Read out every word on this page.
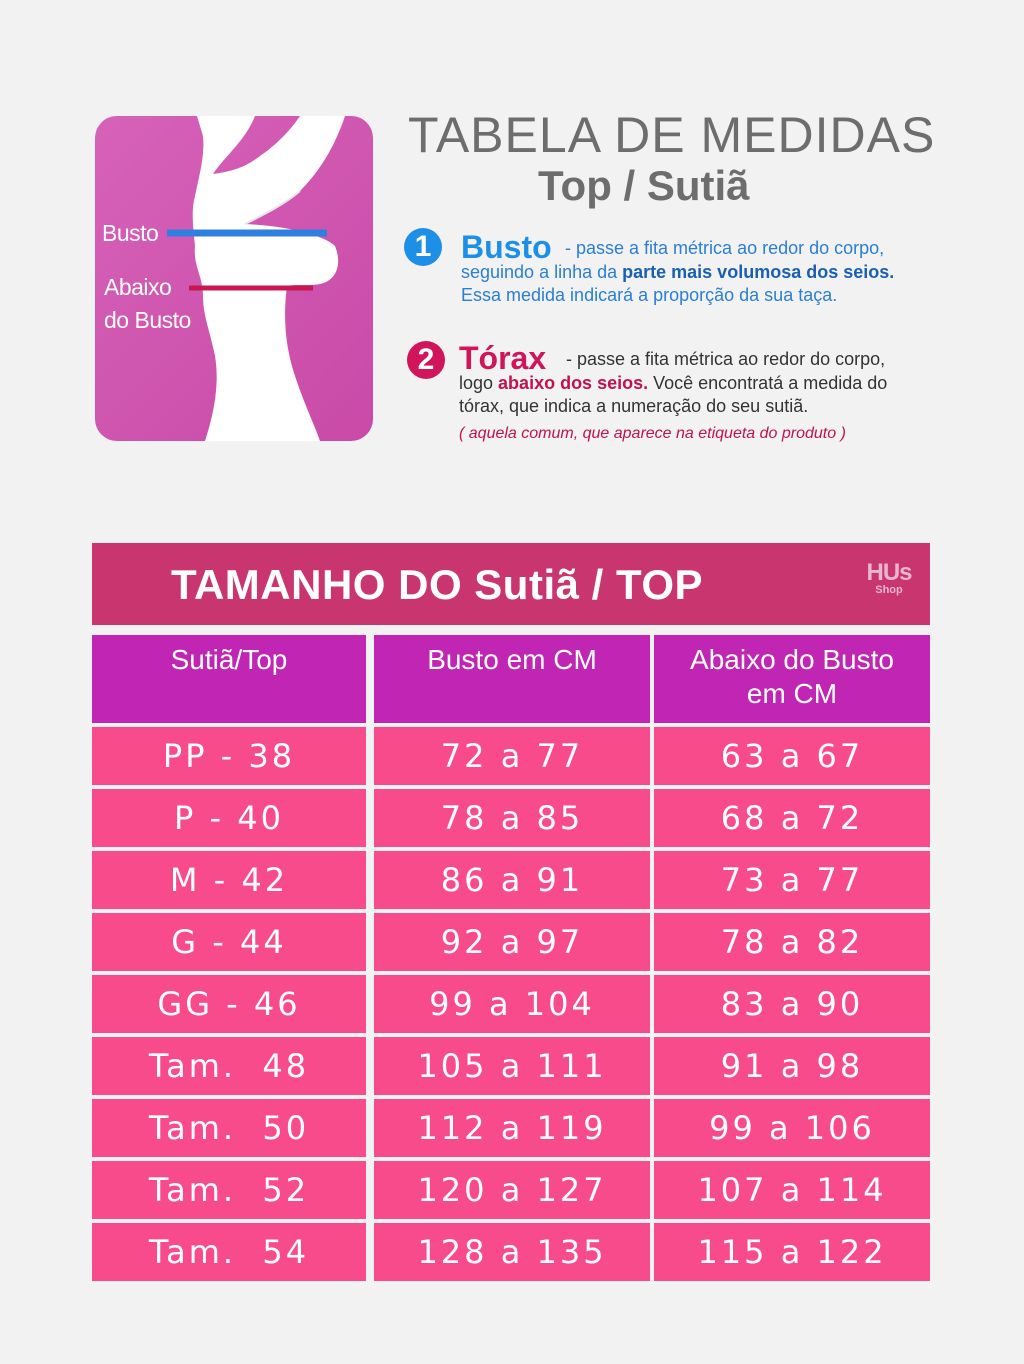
Busto
Abaixo
do Busto
TABELA DE MEDIDAS
Top / Sutiã
1 Busto - passe a fita métrica ao redor do corpo,
seguindo a linha da parte mais volumosa dos seios.
Essa medida indicará a proporção da sua taça.
2 Tórax	- passe a fita métrica ao redor do corpo,
logo abaixo dos seios. Você encontratá a medida do
tórax, que indica a numeração do seu sutiã.
( aquela comum, que aparece na etiqueta do produto )
TAMANHO DO Sutiã / TOP	HUs
Shop
Sutiã/Top	Busto em CM	Abaixo do Busto em CM
PP - 38	72 a 77	63 a 67
P - 40	78 a 85	68 a 72
M - 42	86 a 91	73 a 77
G - 44	92 a 97	78 a 82
GG - 46	99 a 104	83 a 90
Tam.  48	105 a 111	91 a 98
Tam.  50	112 a 119	99 a 106
Tam.  52	120 a 127	107 a 114
Tam.  54	128 a 135	115 a 122
